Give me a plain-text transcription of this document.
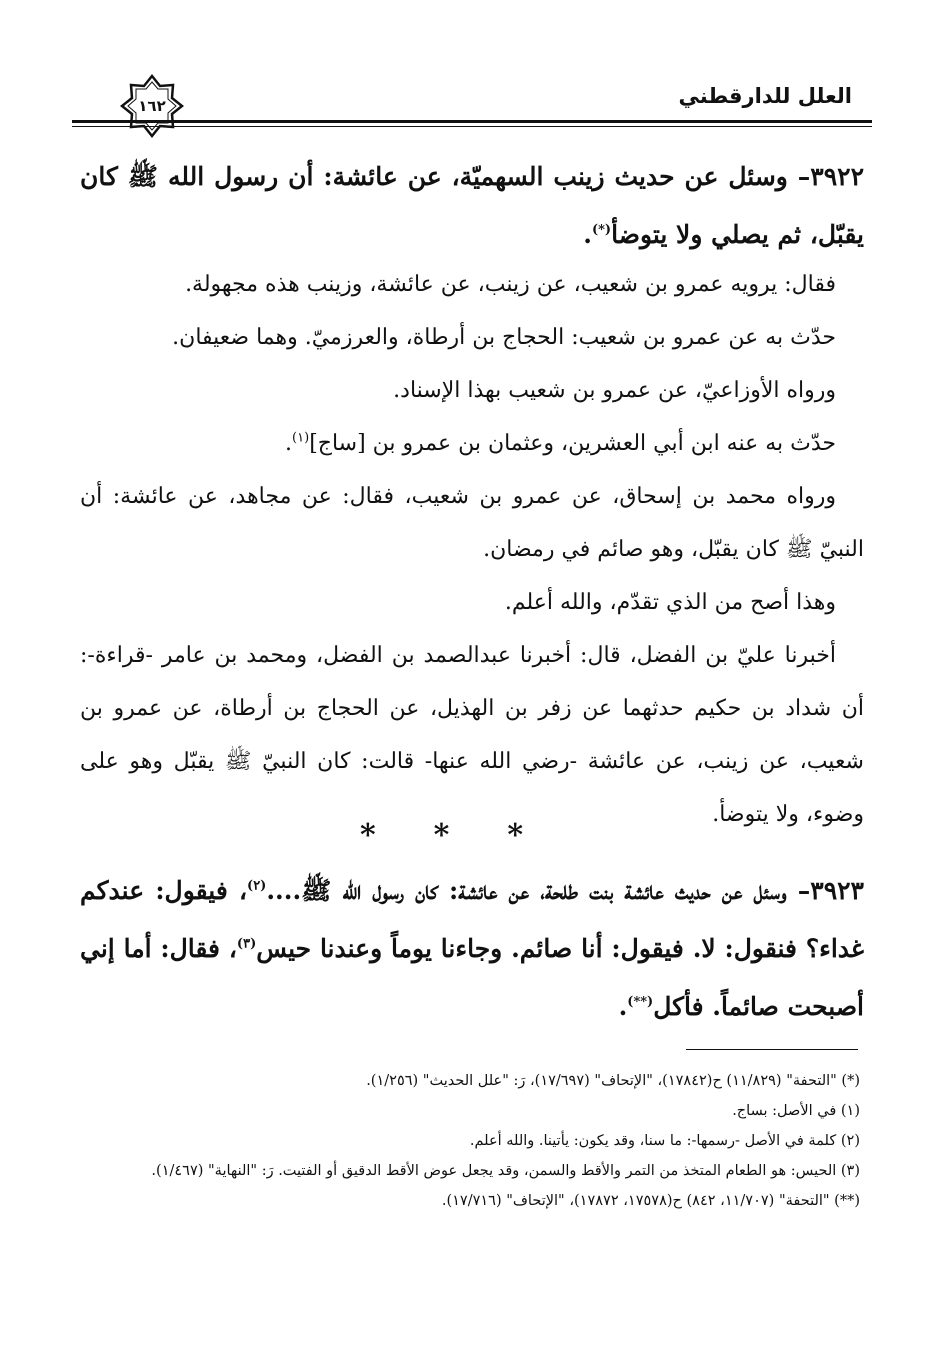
١٦٢	العلل للدارقطني
٣٩٢٢– وسئل عن حديث زينب السهميّة، عن عائشة: أن رسول الله ﷺ كان يقبّل، ثم يصلي ولا يتوضأ(*).

فقال: يرويه عمرو بن شعيب، عن زينب، عن عائشة، وزينب هذه مجهولة.

حدّث به عن عمرو بن شعيب: الحجاج بن أرطاة، والعرزميّ. وهما ضعيفان.

ورواه الأوزاعيّ، عن عمرو بن شعيب بهذا الإسناد.

حدّث به عنه ابن أبي العشرين، وعثمان بن عمرو بن [ساج]$^{(١)}$.

ورواه محمد بن إسحاق، عن عمرو بن شعيب، فقال: عن مجاهد، عن عائشة: أن النبيّ ﷺ كان يقبّل، وهو صائم في رمضان.

وهذا أصح من الذي تقدّم، والله أعلم.

أخبرنا عليّ بن الفضل، قال: أخبرنا عبدالصمد بن الفضل، ومحمد بن عامر -قراءة-: أن شداد بن حكيم حدثهما عن زفر بن الهذيل، عن الحجاج بن أرطاة، عن عمرو بن شعيب، عن زينب، عن عائشة -رضي الله عنها- قالت: كان النبيّ ﷺ يقبّل وهو على وضوء، ولا يتوضأ.

***
٣٩٢٣– وسئل عن حديث عائشة بنت طلحة، عن عائشة: كان رسول الله ﷺ....$^{(٢)}$، فيقول: عندكم غداء؟ فنقول: لا. فيقول: أنا صائم. وجاءنا يوماً وعندنا حيس$^{(٣)}$، فقال: أما إني أصبحت صائماً. فأكل(**).

(*) "التحفة" (١١/٨٢٩) ح(١٧٨٤٢)، "الإتحاف" (١٧/٦٩٧)، رَ: "علل الحديث" (١/٢٥٦).

(١) في الأصل: بساج.

(٢) كلمة في الأصل -رسمها-: ما سنا، وقد يكون: يأتينا. والله أعلم.

(٣) الحيس: هو الطعام المتخذ من التمر والأقط والسمن، وقد يجعل عوض الأقط الدقيق أو الفتيت. رَ: "النهاية" (١/٤٦٧).

(**) "التحفة" (١١/٧٠٧، ٨٤٢) ح(١٧٥٧٨، ١٧٨٧٢)، "الإتحاف" (١٧/٧١٦).
